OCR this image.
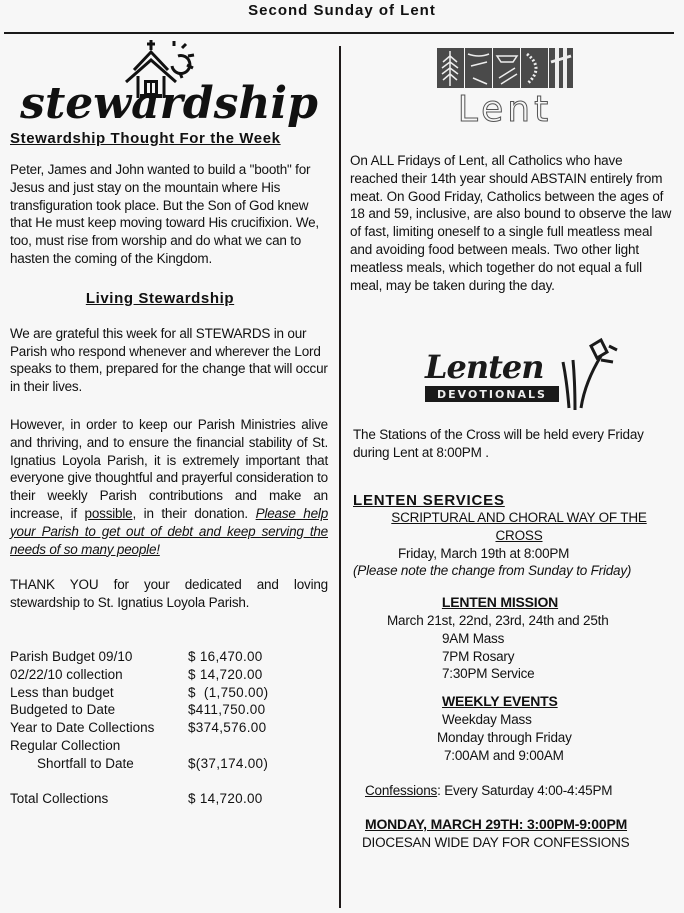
Second Sunday of Lent
stewardship
Stewardship Thought For the Week

Peter, James and John wanted to build a "booth" for Jesus and just stay on the mountain where His transfiguration took place. But the Son of God knew that He must keep moving toward His crucifixion. We, too, must rise from worship and do what we can to hasten the coming of the Kingdom.

Living Stewardship

We are grateful this week for all STEWARDS in our Parish who respond whenever and wherever the Lord speaks to them, prepared for the change that will occur in their lives.

However, in order to keep our Parish Ministries alive and thriving, and to ensure the financial stability of St. Ignatius Loyola Parish, it is extremely important that everyone give thoughtful and prayerful consideration to their weekly Parish contributions and make an increase, if possible, in their donation. Please help your Parish to get out of debt and keep serving the needs of so many people!

THANK YOU for your dedicated and loving stewardship to St. Ignatius Loyola Parish.

Parish Budget 09/10	$ 16,470.00
02/22/10 collection	$ 14,720.00
Less than budget	$  (1,750.00)
Budgeted to Date	$411,750.00
Year to Date Collections	$374,576.00
Regular Collection
Shortfall to Date	$(37,174.00)
Total Collections	$ 14,720.00
Lent

On ALL Fridays of Lent, all Catholics who have reached their 14th year should ABSTAIN entirely from meat. On Good Friday, Catholics between the ages of 18 and 59, inclusive, are also bound to observe the law of fast, limiting oneself to a single full meatless meal and avoiding food between meals. Two other light meatless meals, which together do not equal a full meal, may be taken during the day.

Lenten
DEVOTIONALS

The Stations of the Cross will be held every Friday during Lent at 8:00PM .

LENTEN SERVICES

SCRIPTURAL AND CHORAL WAY OF THE CROSS

Friday, March 19th at 8:00PM

(Please note the change from Sunday to Friday)

LENTEN MISSION

March 21st, 22nd, 23rd, 24th and 25th

9AM Mass

7PM Rosary

7:30PM Service

WEEKLY EVENTS

Weekday Mass

Monday through Friday

7:00AM and 9:00AM

Confessions: Every Saturday 4:00-4:45PM

MONDAY, MARCH 29TH: 3:00PM-9:00PM

DIOCESAN WIDE DAY FOR CONFESSIONS
